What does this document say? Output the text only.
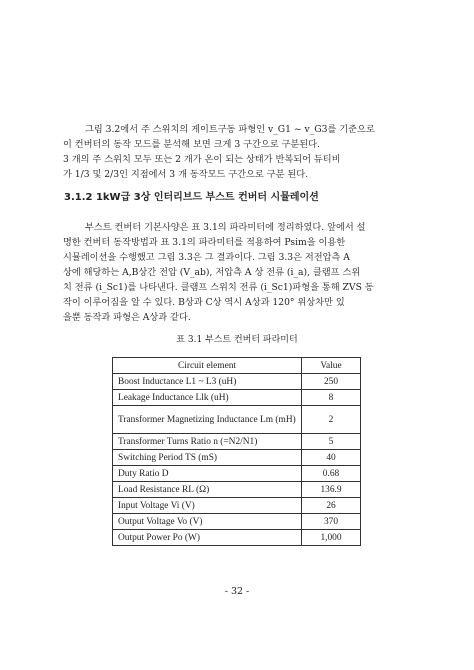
그림 3.2에서 주 스위치의 게이트구동 파형인 v_G1 ~ v_G3를 기준으로
이 컨버터의 동작 모드를 분석해 보면 크게 3 구간으로 구분된다.
3 개의 주 스위치 모두 또는 2 개가 온이 되는 상태가 반복되어 듀티비
가 1/3 및 2/3인 지점에서 3 개 동작모드 구간으로 구분 된다.
3.1.2 1kW급 3상 인터리브드 부스트 컨버터 시뮬레이션
부스트 컨버터 기본사양은 표 3.1의 파라미터에 정리하였다. 앞에서 설
명한 컨버터 동작방법과 표 3.1의 파라미터를 적용하여 Psim을 이용한
시뮬레이션을 수행했고 그림 3.3은 그 결과이다. 그림 3.3은 저전압측 A
상에 해당하는 A,B상간 전압 (V_ab), 저압측 A 상 전류 (i_a), 클램프 스위
치 전류 (i_Sc1)를 나타낸다. 클램프 스위치 전류 (i_Sc1)파형을 통해 ZVS 동
작이 이루어짐을 알 수 있다. B상과 C상 역시 A상과 120° 위상차만 있
을뿐 동작과 파형은 A상과 같다.
표 3.1 부스트 컨버터 파라미터
Circuit element	Value
Boost Inductance L1 ~ L3 (uH)	250
Leakage Inductance Llk (uH)	8
Transformer Magnetizing Inductance Lm (mH)	2
Transformer Turns Ratio n (=N2/N1)	5
Switching Period TS (mS)	40
Duty Ratio D	0.68
Load Resistance RL (Ω)	136.9
Input Voltage Vi (V)	26
Output Voltage Vo (V)	370
Output Power Po (W)	1,000
- 32 -
